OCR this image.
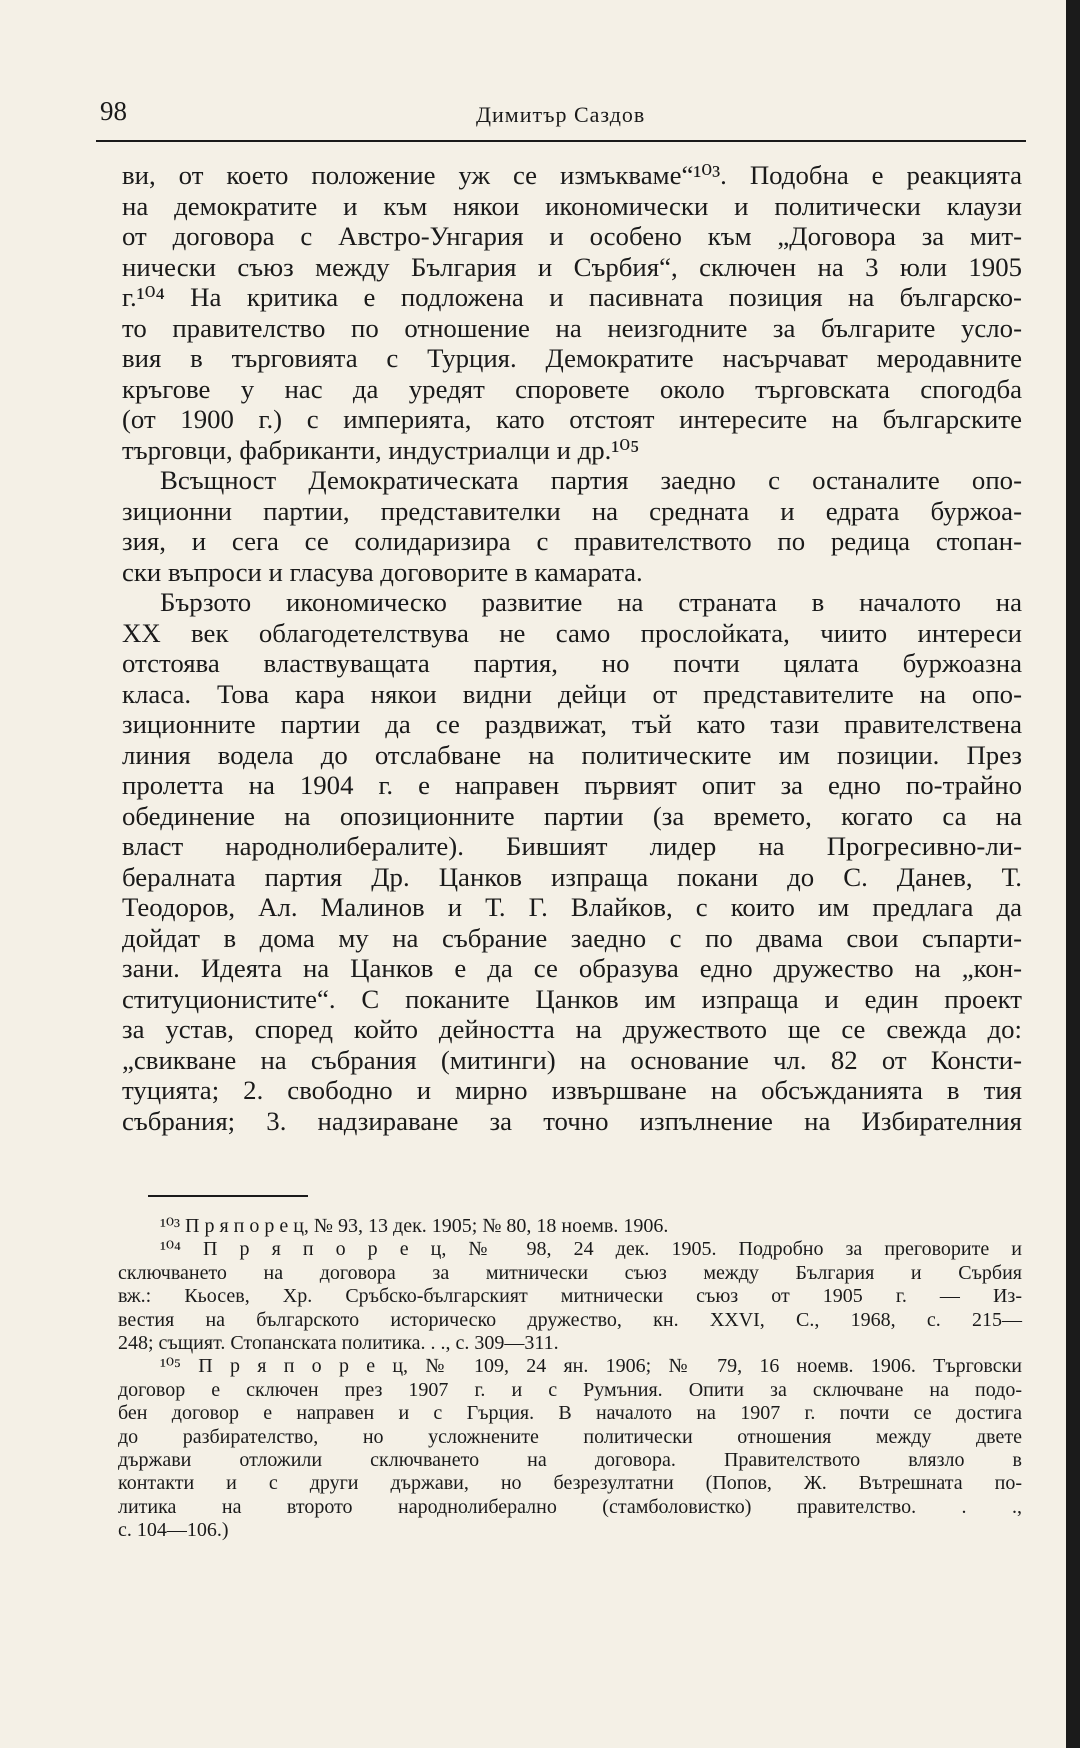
98	Димитър Саздов
ви, от което положение уж се измъкваме“¹⁰³. Подобна е реакцията
на демократите и към някои икономически и политически клаузи
от договора с Австро-Унгария и особено към „Договора за мит-
нически съюз между България и Сърбия“, сключен на 3 юли 1905
г.¹⁰⁴ На критика е подложена и пасивната позиция на българско-
то правителство по отношение на неизгодните за българите усло-
вия в търговията с Турция. Демократите насърчават меродавните
кръгове у нас да уредят споровете около търговската спогодба
(от 1900 г.) с империята, като отстоят интересите на българските
търговци, фабриканти, индустриалци и др.¹⁰⁵
Всъщност Демократическата партия заедно с останалите опо-
зиционни партии, представителки на средната и едрата буржоа-
зия, и сега се солидаризира с правителството по редица стопан-
ски въпроси и гласува договорите в камарата.
Бързото икономическо развитие на страната в началото на
XX век облагодетелствува не само прослойката, чиито интереси
отстоява властвуващата партия, но почти цялата буржоазна
класа. Това кара някои видни дейци от представителите на опо-
зиционните партии да се раздвижат, тъй като тази правителствена
линия водела до отслабване на политическите им позиции. През
пролетта на 1904 г. е направен първият опит за едно по-трайно
обединение на опозиционните партии (за времето, когато са на
власт народнолибералите). Бившият лидер на Прогресивно-ли-
бералната партия Др. Цанков изпраща покани до С. Данев, Т.
Теодоров, Ал. Малинов и Т. Г. Влайков, с които им предлага да
дойдат в дома му на събрание заедно с по двама свои съпарти-
зани. Идеята на Цанков е да се образува едно дружество на „кон-
ституционистите“. С поканите Цанков им изпраща и един проект
за устав, според който дейността на дружеството ще се свежда до:
„свикване на събрания (митинги) на основание чл. 82 от Консти-
туцията; 2. свободно и мирно извършване на обсъжданията в тия
събрания; 3. надзираване за точно изпълнение на Избирателния
¹⁰³ П р я п о р е ц, № 93, 13 дек. 1905; № 80, 18 ноемв. 1906.
¹⁰⁴ П р я п о р е ц, № 98, 24 дек. 1905. Подробно за преговорите и
сключването на договора за митнически съюз между България и Сърбия
вж.: Кьосев, Хр. Сръбско-българският митнически съюз от 1905 г. — Из-
вестия на българското историческо дружество, кн. XXVI, С., 1968, с. 215—
248; същият. Стопанската политика. . ., с. 309—311.
¹⁰⁵ П р я п о р е ц, № 109, 24 ян. 1906; № 79, 16 ноемв. 1906. Търговски
договор е сключен през 1907 г. и с Румъния. Опити за сключване на подо-
бен договор е направен и с Гърция. В началото на 1907 г. почти се достига
до разбирателство, но усложнените политически отношения между двете
държави отложили сключването на договора. Правителството влязло в
контакти и с други държави, но безрезултатни (Попов, Ж. Вътрешната по-
литика на второто народнолиберално (стамболовистко) правителство. . .,
с. 104—106.)
